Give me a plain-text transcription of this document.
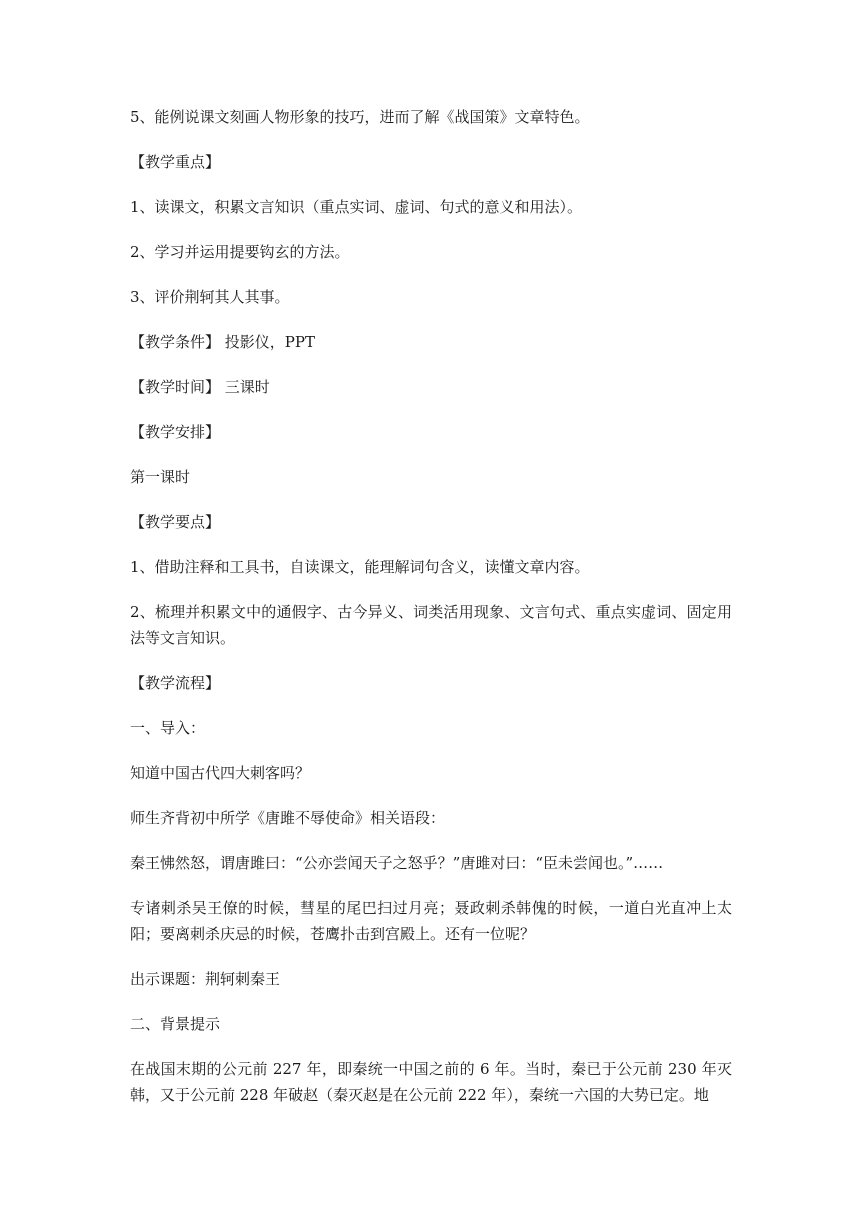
5、能例说课文刻画人物形象的技巧，进而了解《战国策》文章特色。

【教学重点】

1、读课文，积累文言知识（重点实词、虚词、句式的意义和用法）。

2、学习并运用提要钩玄的方法。

3、评价荆轲其人其事。

【教学条件】 投影仪，PPT

【教学时间】 三课时

【教学安排】

第一课时

【教学要点】

1、借助注释和工具书，自读课文，能理解词句含义，读懂文章内容。

2、梳理并积累文中的通假字、古今异义、词类活用现象、文言句式、重点实虚词、固定用法等文言知识。

【教学流程】

一、导入：

知道中国古代四大刺客吗？

师生齐背初中所学《唐雎不辱使命》相关语段：

秦王怫然怒，谓唐雎曰：“公亦尝闻天子之怒乎？”唐雎对曰：“臣未尝闻也。”……

专诸刺杀吴王僚的时候，彗星的尾巴扫过月亮；聂政刺杀韩傀的时候，一道白光直冲上太阳；要离刺杀庆忌的时候，苍鹰扑击到宫殿上。还有一位呢？

出示课题：荆轲刺秦王

二、背景提示

在战国末期的公元前 227 年，即秦统一中国之前的 6 年。当时，秦已于公元前 230 年灭韩，又于公元前 228 年破赵（秦灭赵是在公元前 222 年），秦统一六国的大势已定。地
